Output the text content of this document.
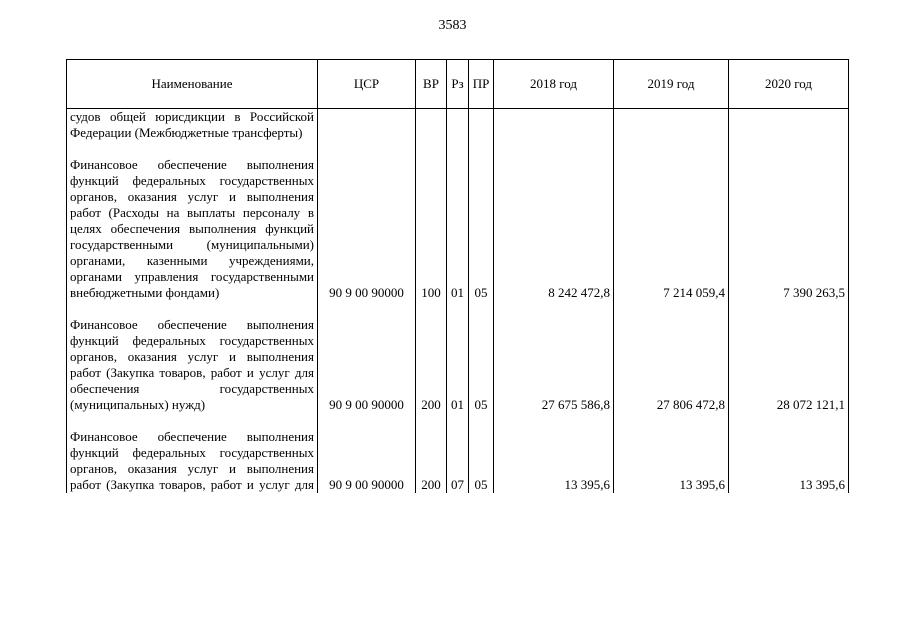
3583
Наименование	ЦСР	ВР	Рз	ПР	2018 год	2019 год	2020 год
судов общей юрисдикции в Российской Федерации (Межбюджетные трансферты)							

Финансовое обеспечение выполнения функций федеральных государственных органов, оказания услуг и выполнения работ (Расходы на выплаты персоналу в целях обеспечения выполнения функций государственными (муниципальными) органами, казенными учреждениями, органами управления государственными внебюджетными фондами)	90 9 00 90000	100	01	05	8 242 472,8	7 214 059,4	7 390 263,5

Финансовое обеспечение выполнения функций федеральных государственных органов, оказания услуг и выполнения работ (Закупка товаров, работ и услуг для обеспечения государственных (муниципальных) нужд)	90 9 00 90000	200	01	05	27 675 586,8	27 806 472,8	28 072 121,1

Финансовое обеспечение выполнения функций федеральных государственных органов, оказания услуг и выполнения работ (Закупка товаров, работ и услуг для	90 9 00 90000	200	07	05	13 395,6	13 395,6	13 395,6
